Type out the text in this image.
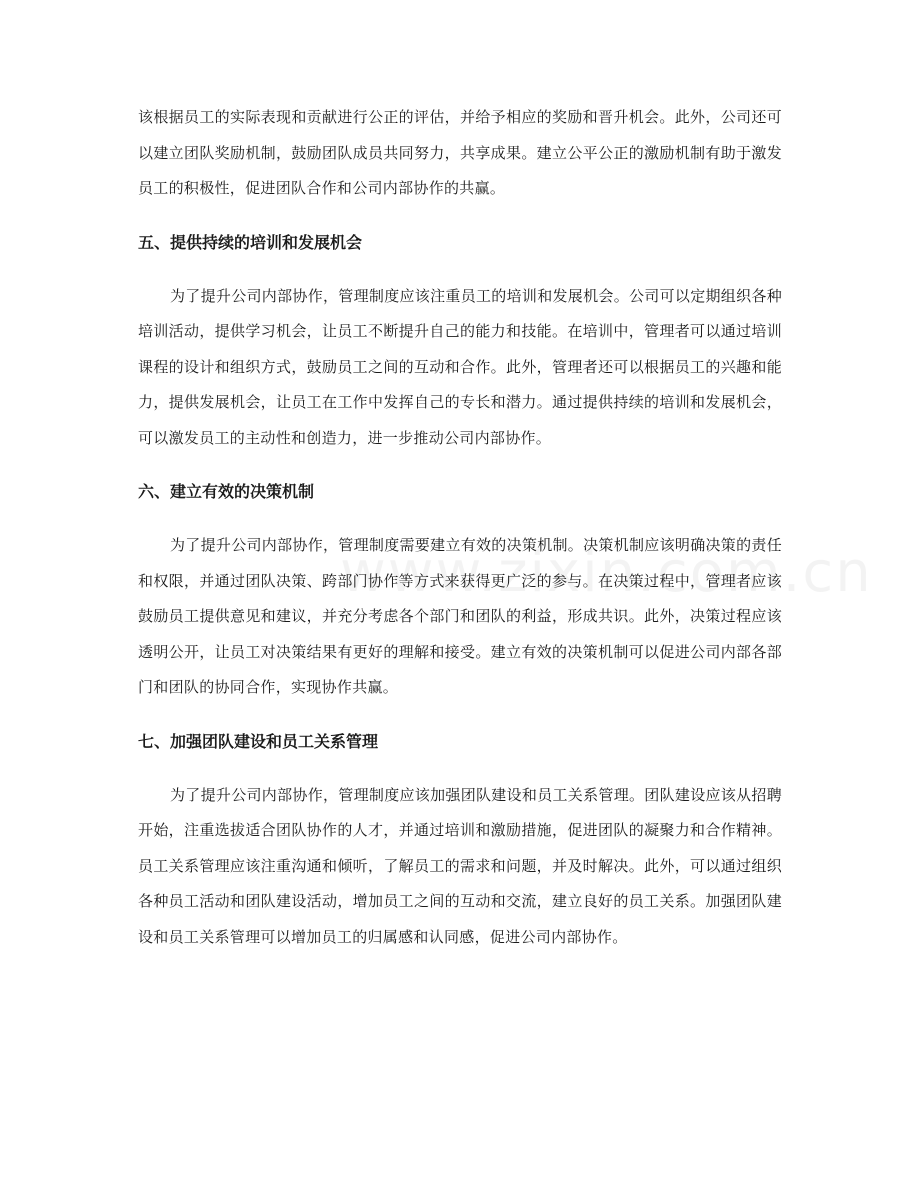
该根据员工的实际表现和贡献进行公正的评估，并给予相应的奖励和晋升机会。此外，公司还可以建立团队奖励机制，鼓励团队成员共同努力，共享成果。建立公平公正的激励机制有助于激发员工的积极性，促进团队合作和公司内部协作的共赢。

五、提供持续的培训和发展机会

为了提升公司内部协作，管理制度应该注重员工的培训和发展机会。公司可以定期组织各种培训活动，提供学习机会，让员工不断提升自己的能力和技能。在培训中，管理者可以通过培训课程的设计和组织方式，鼓励员工之间的互动和合作。此外，管理者还可以根据员工的兴趣和能力，提供发展机会，让员工在工作中发挥自己的专长和潜力。通过提供持续的培训和发展机会，可以激发员工的主动性和创造力，进一步推动公司内部协作。

六、建立有效的决策机制

为了提升公司内部协作，管理制度需要建立有效的决策机制。决策机制应该明确决策的责任和权限，并通过团队决策、跨部门协作等方式来获得更广泛的参与。在决策过程中，管理者应该鼓励员工提供意见和建议，并充分考虑各个部门和团队的利益，形成共识。此外，决策过程应该透明公开，让员工对决策结果有更好的理解和接受。建立有效的决策机制可以促进公司内部各部门和团队的协同合作，实现协作共赢。

七、加强团队建设和员工关系管理

为了提升公司内部协作，管理制度应该加强团队建设和员工关系管理。团队建设应该从招聘开始，注重选拔适合团队协作的人才，并通过培训和激励措施，促进团队的凝聚力和合作精神。员工关系管理应该注重沟通和倾听，了解员工的需求和问题，并及时解决。此外，可以通过组织各种员工活动和团队建设活动，增加员工之间的互动和交流，建立良好的员工关系。加强团队建设和员工关系管理可以增加员工的归属感和认同感，促进公司内部协作。
